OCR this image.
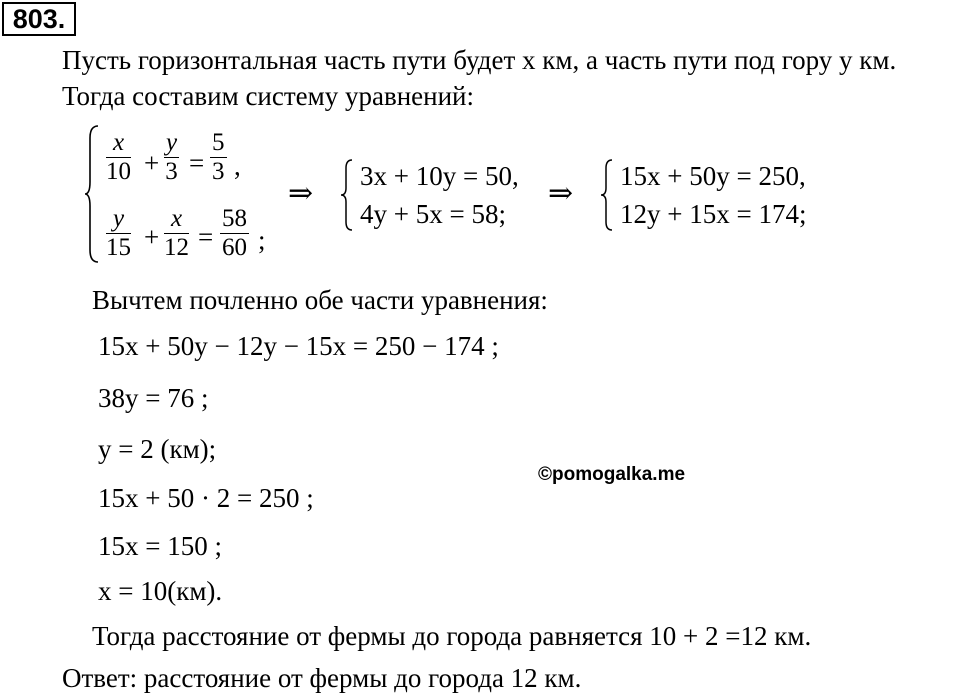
803.
Пусть горизонтальная часть пути будет x км, а часть пути под гору y км.
Тогда составим систему уравнений:
$\frac{x}{10} + \frac{y}{3} = \frac{5}{3}$ ,
$\frac{y}{15} + \frac{x}{12} = \frac{58}{60}$ ;
⇒
3x + 10y = 50,
4y + 5x = 58;
⇒
15x + 50y = 250,
12y + 15x = 174;
Вычтем почленно обе части уравнения:
15x + 50y − 12y − 15x = 250 − 174 ;
38y = 76 ;
y = 2 (км);
15x + 50 · 2 = 250 ;
15x = 150 ;
x = 10(км).
©pomogalka.me
Тогда расстояние от фермы до города равняется 10 + 2 =12 км.
Ответ: расстояние от фермы до города 12 км.
